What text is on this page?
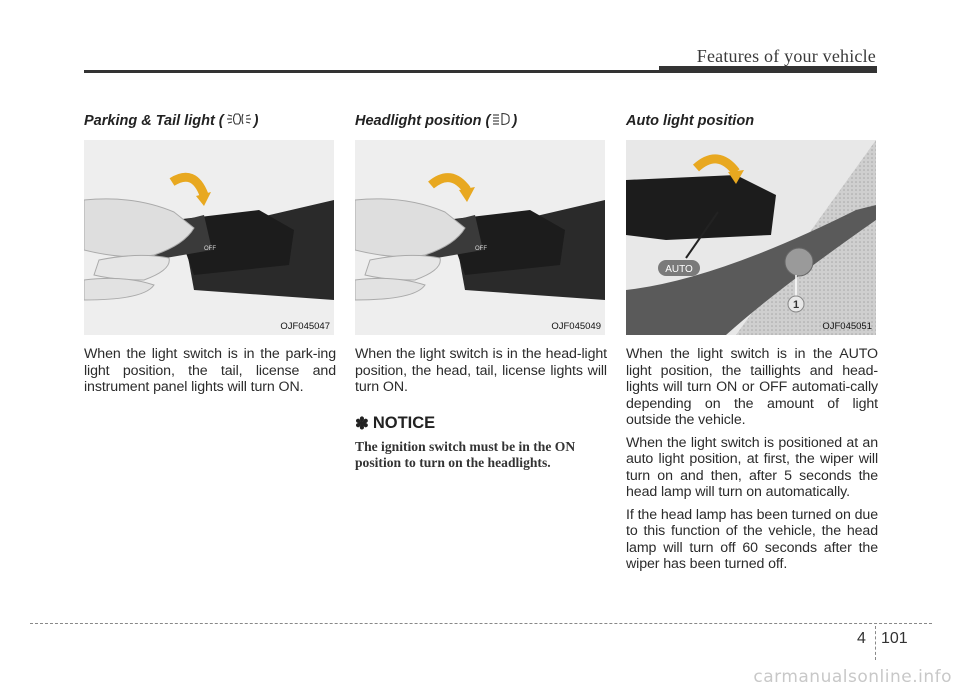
Features of your vehicle
Parking & Tail light ( )
OFF
OJF045047

When the light switch is in the park-ing light position, the tail, license and instrument panel lights will turn ON.

Headlight position ( )
OFF
OJF045049

When the light switch is in the head-light position, the head, tail, license lights will turn ON.

✽ NOTICE
The ignition switch must be in the ON position to turn on the headlights.
Auto light position
AUTO
1
OJF045051

When the light switch is in the AUTO light position, the taillights and head-lights will turn ON or OFF automati-cally depending on the amount of light outside the vehicle.

When the light switch is positioned at an auto light position, at first, the wiper will turn on and then, after 5 seconds the head lamp will turn on automatically.

If the head lamp has been turned on due to this function of the vehicle, the head lamp will turn off 60 seconds after the wiper has been turned off.

4 101
carmanualsonline.info
